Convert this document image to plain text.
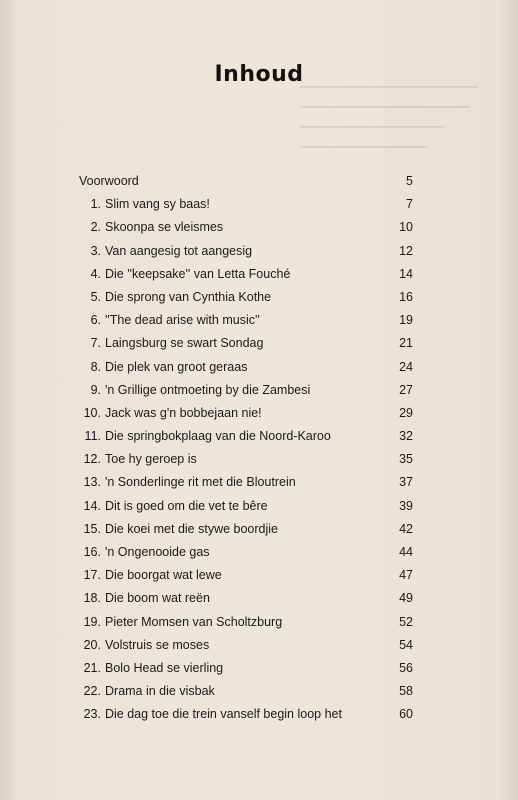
▁▁▁▁▁▁▁▁▁▁▁▁▁▁▁▁▁▁▁▁▁
▁▁▁▁▁▁▁▁▁▁▁▁▁▁▁▁▁▁▁▁
▁▁▁▁▁▁▁▁▁▁▁▁▁▁▁▁▁
▁▁▁▁▁▁▁▁▁▁▁▁▁▁▁
Inhoud
Voorwoord	5
1. Slim vang sy baas!	7
2. Skoonpa se vleismes	10
3. Van aangesig tot aangesig	12
4. Die ''keepsake'' van Letta Fouché	14
5. Die sprong van Cynthia Kothe	16
6. ''The dead arise with music''	19
7. Laingsburg se swart Sondag	21
8. Die plek van groot geraas	24
9. 'n Grillige ontmoeting by die Zambesi	27
10. Jack was g'n bobbejaan nie!	29
11. Die springbokplaag van die Noord-Karoo	32
12. Toe hy geroep is	35
13. 'n Sonderlinge rit met die Bloutrein	37
14. Dit is goed om die vet te bêre	39
15. Die koei met die stywe boordjie	42
16. 'n Ongenooide gas	44
17. Die boorgat wat lewe	47
18. Die boom wat reën	49
19. Pieter Momsen van Scholtzburg	52
20. Volstruis se moses	54
21. Bolo Head se vierling	56
22. Drama in die visbak	58
23. Die dag toe die trein vanself begin loop het	60
